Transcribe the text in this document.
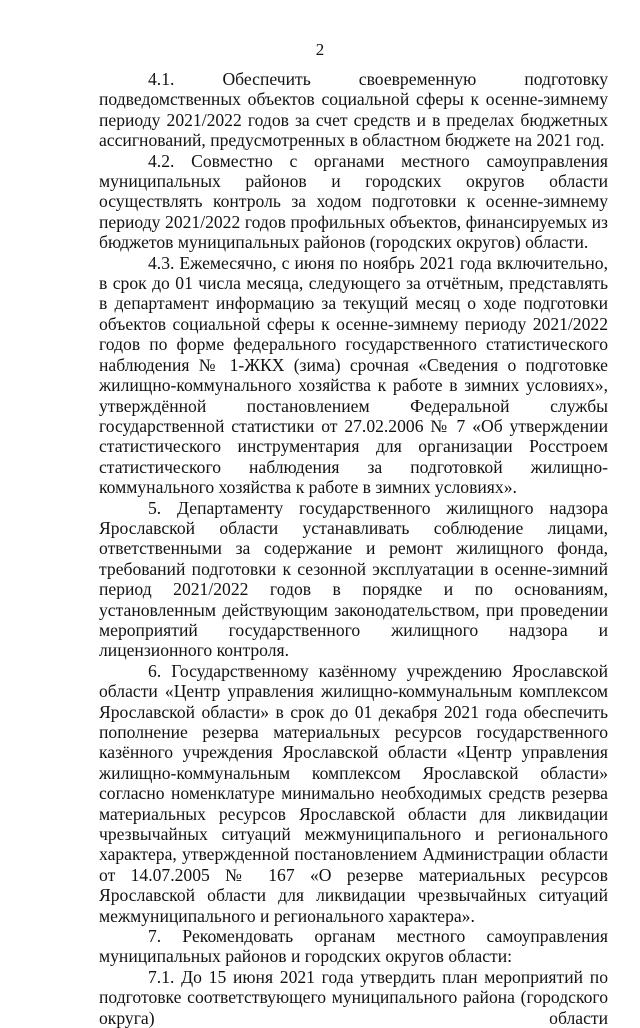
2

4.1. Обеспечить своевременную подготовку подведомственных объектов социальной сферы к осенне-зимнему периоду 2021/2022 годов за счет средств и в пределах бюджетных ассигнований, предусмотренных в областном бюджете на 2021 год.

4.2. Совместно с органами местного самоуправления муниципальных районов и городских округов области осуществлять контроль за ходом подготовки к осенне-зимнему периоду 2021/2022 годов профильных объектов, финансируемых из бюджетов муниципальных районов (городских округов) области.

4.3. Ежемесячно, с июня по ноябрь 2021 года включительно, в срок до 01 числа месяца, следующего за отчётным, представлять в департамент информацию за текущий месяц о ходе подготовки объектов социальной сферы к осенне-зимнему периоду 2021/2022 годов по форме федерального государственного статистического наблюдения № 1-ЖКХ (зима) срочная «Сведения о подготовке жилищно-коммунального хозяйства к работе в зимних условиях», утверждённой постановлением Федеральной службы государственной статистики от 27.02.2006 № 7 «Об утверждении статистического инструментария для организации Росстроем статистического наблюдения за подготовкой жилищно-коммунального хозяйства к работе в зимних условиях».

5. Департаменту государственного жилищного надзора Ярославской области устанавливать соблюдение лицами, ответственными за содержание и ремонт жилищного фонда, требований подготовки к сезонной эксплуатации в осенне-зимний период 2021/2022 годов в порядке и по основаниям, установленным действующим законодательством, при проведении мероприятий государственного жилищного надзора и лицензионного контроля.

6. Государственному казённому учреждению Ярославской области «Центр управления жилищно-коммунальным комплексом Ярославской области» в срок до 01 декабря 2021 года обеспечить пополнение резерва материальных ресурсов государственного казённого учреждения Ярославской области «Центр управления жилищно-коммунальным комплексом Ярославской области» согласно номенклатуре минимально необходимых средств резерва материальных ресурсов Ярославской области для ликвидации чрезвычайных ситуаций межмуниципального и регионального характера, утвержденной постановлением Администрации области от 14.07.2005 № 167 «О резерве материальных ресурсов Ярославской области для ликвидации чрезвычайных ситуаций межмуниципального и регионального характера».

7. Рекомендовать органам местного самоуправления муниципальных районов и городских округов области:

7.1. До 15 июня 2021 года утвердить план мероприятий по подготовке соответствующего муниципального района (городского округа) области
